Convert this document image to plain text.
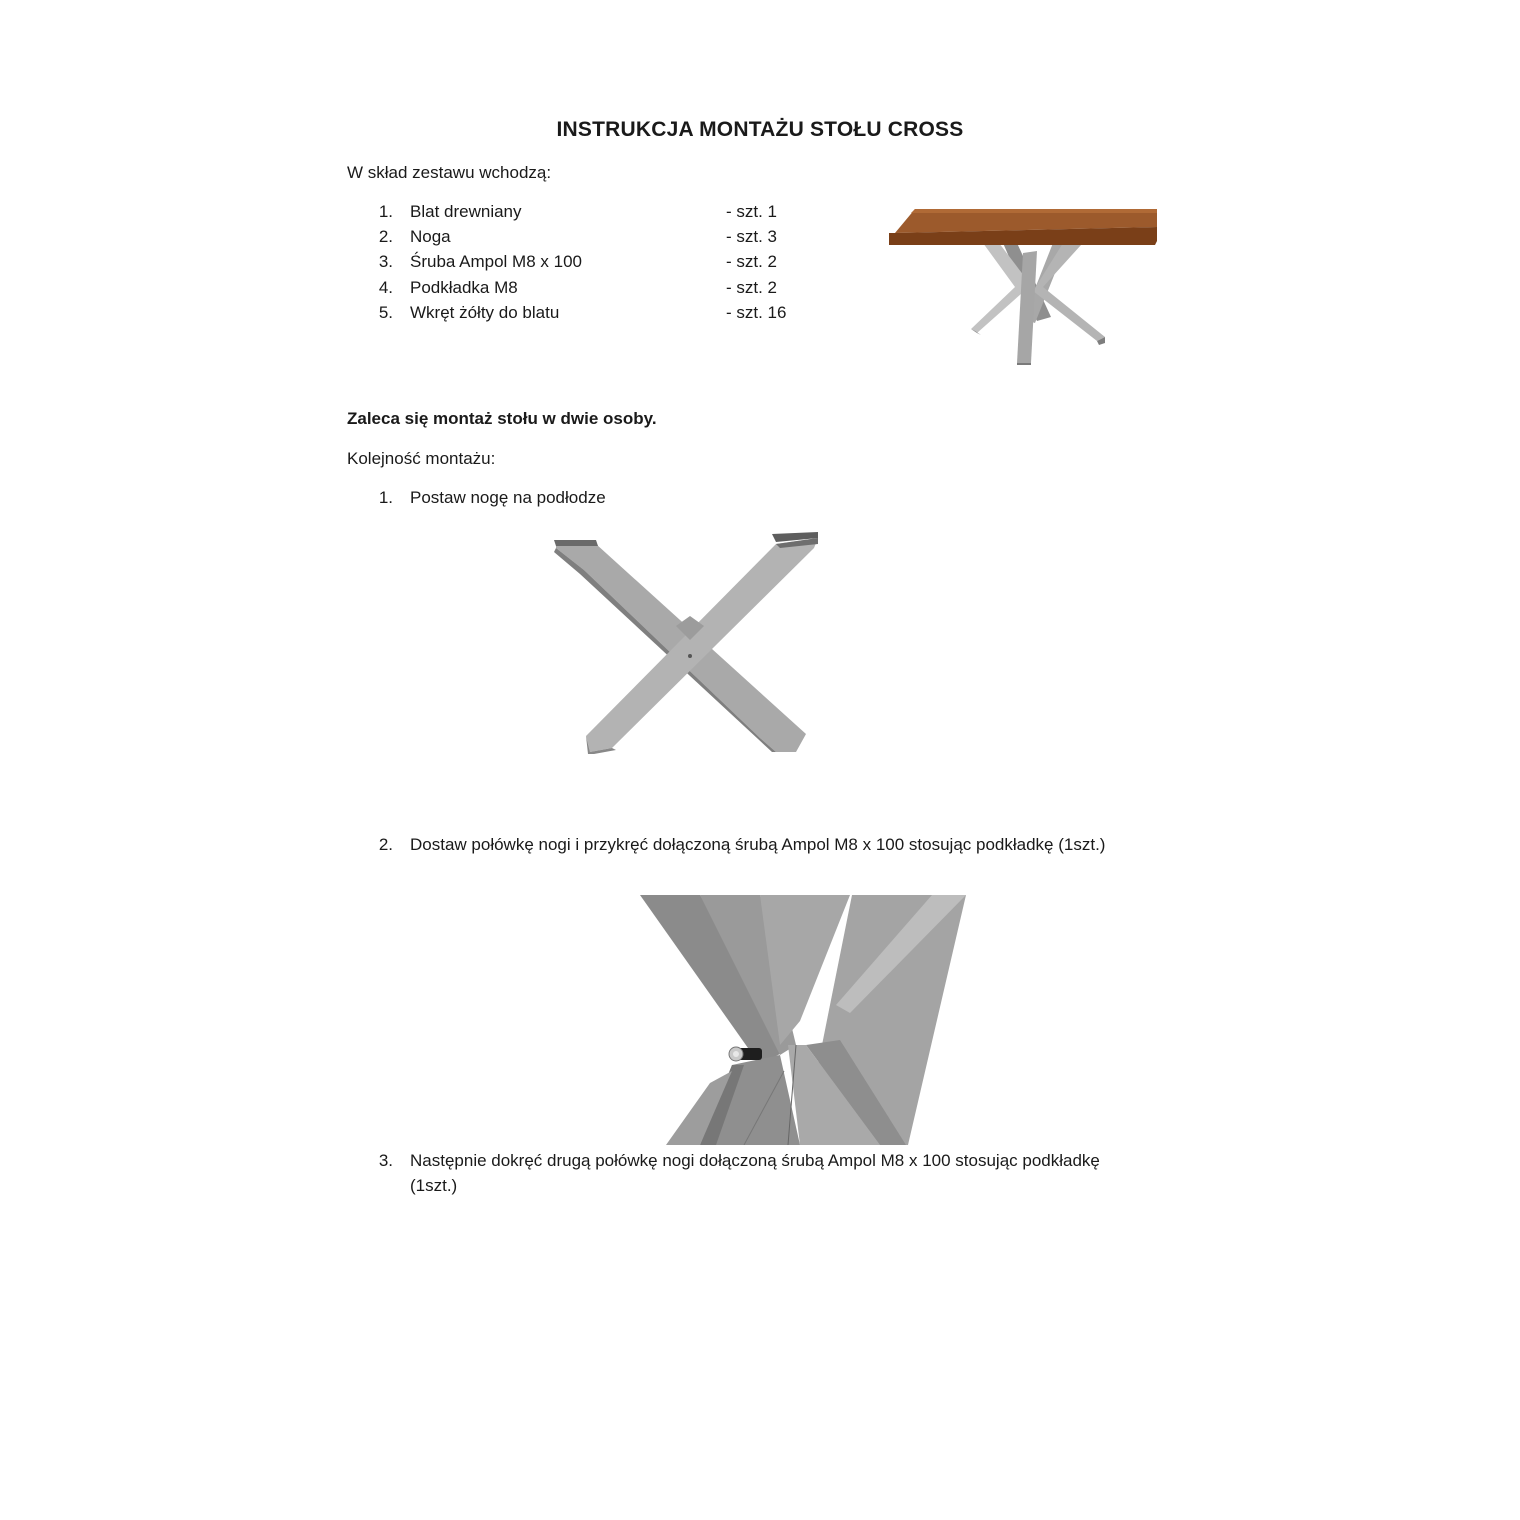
INSTRUKCJA MONTAŻU STOŁU CROSS
W skład zestawu wchodzą:
1. Blat drewniany	- szt. 1
2. Noga	- szt. 3
3. Śruba Ampol M8 x 100	- szt. 2
4. Podkładka M8	- szt. 2
5. Wkręt żółty do blatu	- szt. 16
Zaleca się montaż stołu w dwie osoby.
Kolejność montażu:
1. Postaw nogę na podłodze
2. Dostaw połówkę nogi i przykręć dołączoną śrubą Ampol M8 x 100 stosując podkładkę (1szt.)
3. Następnie dokręć drugą połówkę nogi dołączoną śrubą Ampol M8 x 100 stosując podkładkę
(1szt.)
